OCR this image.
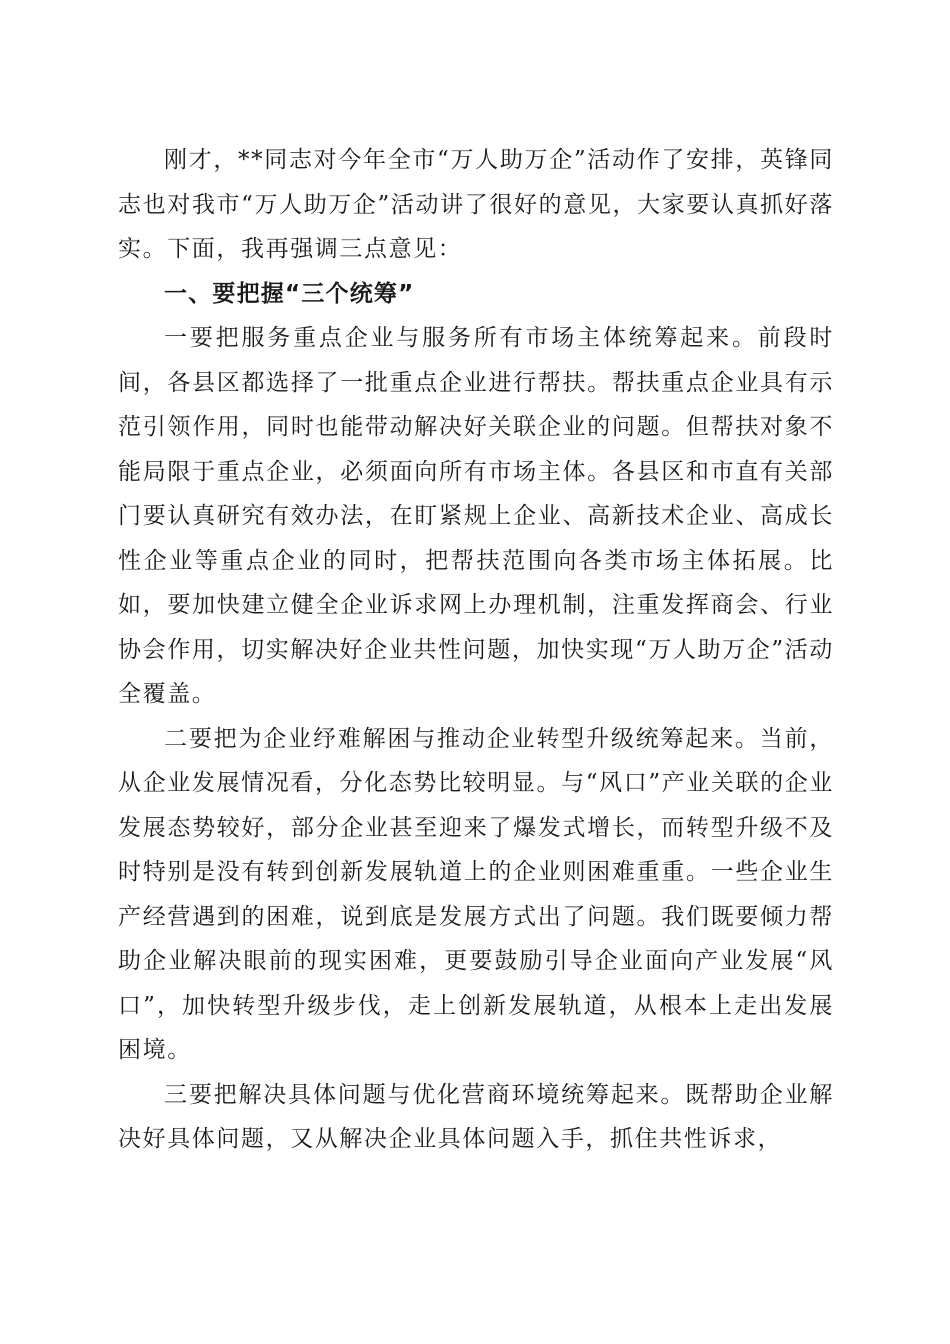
刚才，**同志对今年全市“万人助万企”活动作了安排，英锋同志也对我市“万人助万企”活动讲了很好的意见，大家要认真抓好落实。下面，我再强调三点意见：

一、要把握“三个统筹”

一要把服务重点企业与服务所有市场主体统筹起来。前段时间，各县区都选择了一批重点企业进行帮扶。帮扶重点企业具有示范引领作用，同时也能带动解决好关联企业的问题。但帮扶对象不能局限于重点企业，必须面向所有市场主体。各县区和市直有关部门要认真研究有效办法，在盯紧规上企业、高新技术企业、高成长性企业等重点企业的同时，把帮扶范围向各类市场主体拓展。比如，要加快建立健全企业诉求网上办理机制，注重发挥商会、行业协会作用，切实解决好企业共性问题，加快实现“万人助万企”活动全覆盖。

二要把为企业纾难解困与推动企业转型升级统筹起来。当前，从企业发展情况看，分化态势比较明显。与“风口”产业关联的企业发展态势较好，部分企业甚至迎来了爆发式增长，而转型升级不及时特别是没有转到创新发展轨道上的企业则困难重重。一些企业生产经营遇到的困难，说到底是发展方式出了问题。我们既要倾力帮助企业解决眼前的现实困难，更要鼓励引导企业面向产业发展“风口”，加快转型升级步伐，走上创新发展轨道，从根本上走出发展困境。

三要把解决具体问题与优化营商环境统筹起来。既帮助企业解决好具体问题，又从解决企业具体问题入手，抓住共性诉求，
